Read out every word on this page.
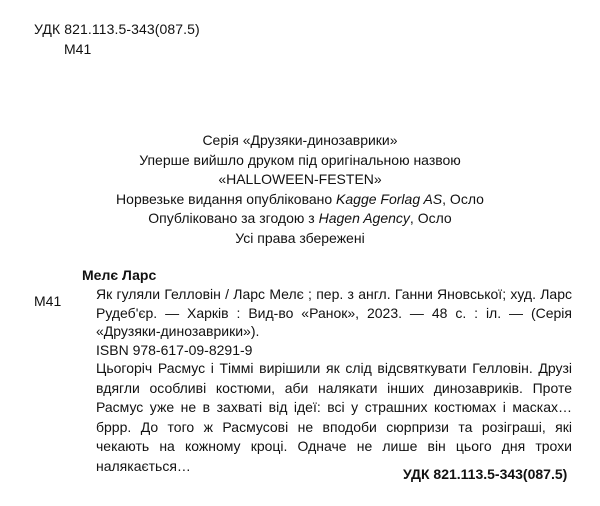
УДК 821.113.5-343(087.5)
М41
Серія «Друзяки-динозаврики»
Уперше вийшло друком під оригінальною назвою
«HALLOWEEN-FESTEN»
Норвезьке видання опубліковано Kagge Forlag AS, Осло
Опубліковано за згодою з Hagen Agency, Осло
Усі права збережені
М41
Мелє Ларс
Як гуляли Гелловін / Ларс Мелє ; пер. з англ. Ганни Яновської; худ. Ларс Рудеб'єр. — Харків : Вид-во «Ранок», 2023. — 48 с. : іл. — (Серія «Друзяки-динозаврики»).
ISBN 978-617-09-8291-9
Цьогоріч Расмус і Тіммі вирішили як слід відсвяткувати Гелловін. Друзі вдягли особливі костюми, аби налякати інших динозавриків. Проте Расмус уже не в захваті від ідеї: всі у страшних костюмах і масках… бррр. До того ж Расмусові не вподоби сюрпризи та розіграші, які чекають на кожному кроці. Одначе не лише він цього дня трохи налякається…
УДК 821.113.5-343(087.5)
